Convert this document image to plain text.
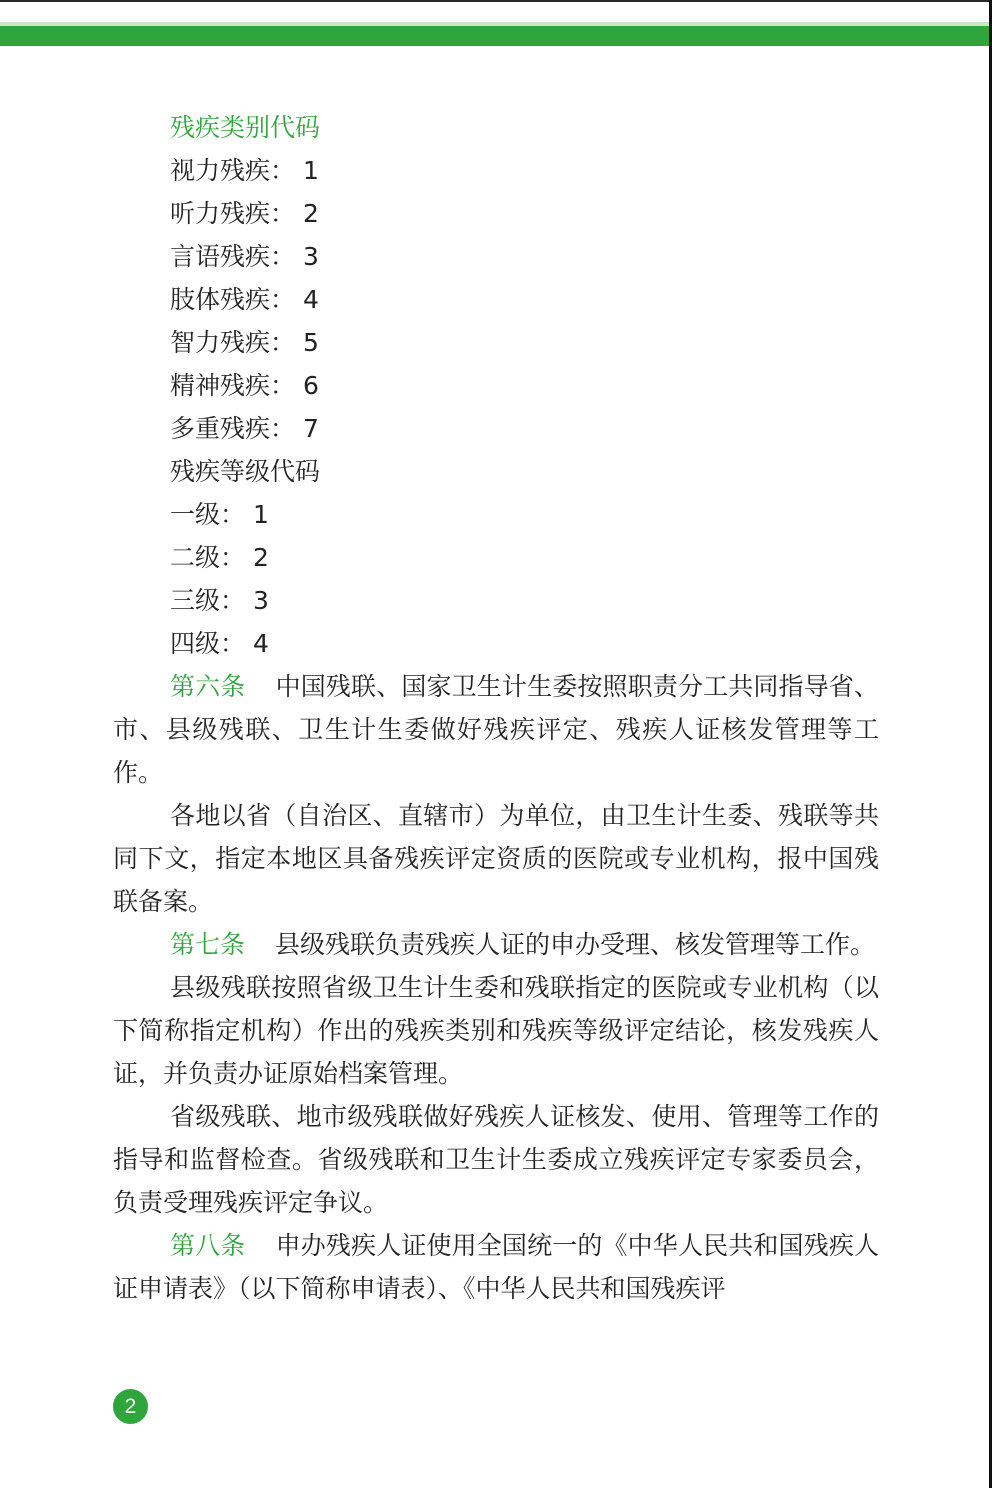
残疾类别代码
视力残疾： 1
听力残疾： 2
言语残疾： 3
肢体残疾： 4
智力残疾： 5
精神残疾： 6
多重残疾： 7
残疾等级代码
一级： 1
二级： 2
三级： 3
四级： 4

第六条 中国残联、国家卫生计生委按照职责分工共同指导省、市、县级残联、卫生计生委做好残疾评定、残疾人证核发管理等工作。

各地以省（自治区、直辖市）为单位，由卫生计生委、残联等共同下文，指定本地区具备残疾评定资质的医院或专业机构，报中国残联备案。

第七条 县级残联负责残疾人证的申办受理、核发管理等工作。

县级残联按照省级卫生计生委和残联指定的医院或专业机构（以下简称指定机构）作出的残疾类别和残疾等级评定结论，核发残疾人证，并负责办证原始档案管理。

省级残联、地市级残联做好残疾人证核发、使用、管理等工作的指导和监督检查。省级残联和卫生计生委成立残疾评定专家委员会，负责受理残疾评定争议。

第八条 申办残疾人证使用全国统一的《中华人民共和国残疾人证申请表》（以下简称申请表）、《中华人民共和国残疾评

2
